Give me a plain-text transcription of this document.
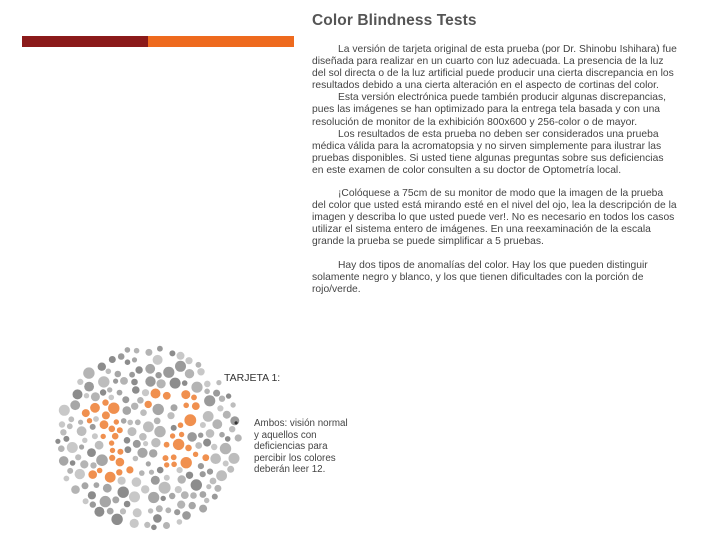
Color Blindness Tests

La versión de tarjeta original de esta prueba (por Dr. Shinobu Ishihara) fue diseñada para realizar en un cuarto con luz adecuada. La presencia de la luz del sol directa o de la luz artificial puede producir una cierta discrepancia en los resultados debido a una cierta alteración en el aspecto de cortinas del color.

Esta versión electrónica puede también producir algunas discrepancias, pues las imágenes se han optimizado para la entrega tela basada y con una resolución de monitor de la exhibición 800x600 y 256-color o de mayor.

Los resultados de esta prueba no deben ser considerados una prueba médica válida para la acromatopsia y no sirven simplemente para ilustrar las pruebas disponibles. Si usted tiene algunas preguntas sobre sus deficiencias en este examen de color consulten a su doctor de Optometría local.

¡Colóquese a 75cm de su monitor de modo que la imagen de la prueba del color que usted está mirando esté en el nivel del ojo, lea la descripción de la imagen y describa lo que usted puede ver!. No es necesario en todos los casos utilizar el sistema entero de imágenes. En una reexaminación de la escala grande la prueba se puede simplificar a 5 pruebas.

Hay dos tipos de anomalías del color. Hay los que pueden distinguir solamente negro y blanco, y los que tienen dificultades con la porción de rojo/verde.

TARJETA 1:
• Ambos: visión normal y aquellos con deficiencias para percibir los colores deberán leer 12.
